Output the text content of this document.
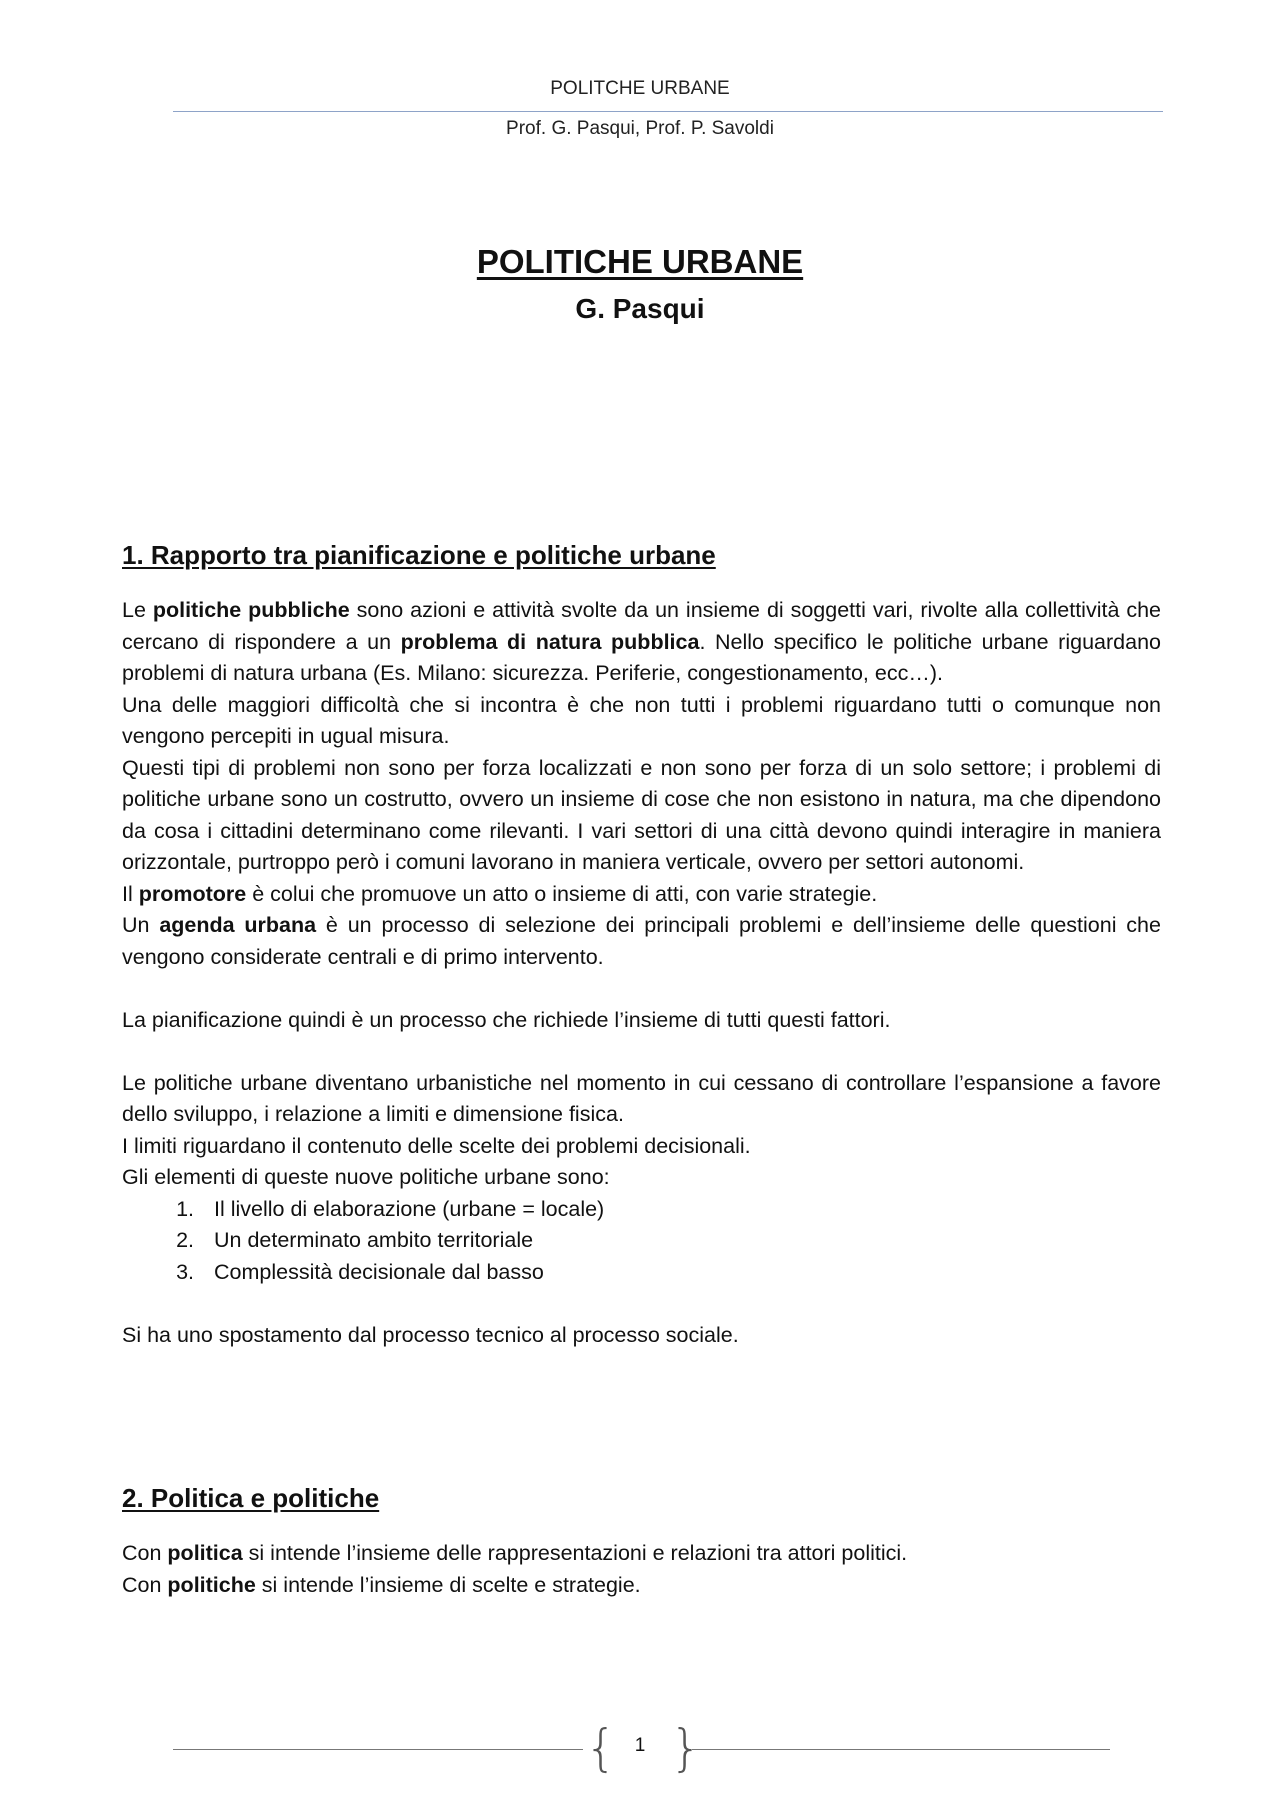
POLITCHE URBANE
Prof. G. Pasqui, Prof. P. Savoldi
POLITICHE URBANE
G. Pasqui
1. Rapporto tra pianificazione e politiche urbane

Le politiche pubbliche sono azioni e attività svolte da un insieme di soggetti vari, rivolte alla collettività che cercano di rispondere a un problema di natura pubblica. Nello specifico le politiche urbane riguardano problemi di natura urbana (Es. Milano: sicurezza. Periferie, congestionamento, ecc…).

Una delle maggiori difficoltà che si incontra è che non tutti i problemi riguardano tutti o comunque non vengono percepiti in ugual misura.

Questi tipi di problemi non sono per forza localizzati e non sono per forza di un solo settore; i problemi di politiche urbane sono un costrutto, ovvero un insieme di cose che non esistono in natura, ma che dipendono da cosa i cittadini determinano come rilevanti. I vari settori di una città devono quindi interagire in maniera orizzontale, purtroppo però i comuni lavorano in maniera verticale, ovvero per settori autonomi.

Il promotore è colui che promuove un atto o insieme di atti, con varie strategie.

Un agenda urbana è un processo di selezione dei principali problemi e dell’insieme delle questioni che vengono considerate centrali e di primo intervento.

La pianificazione quindi è un processo che richiede l’insieme di tutti questi fattori.

Le politiche urbane diventano urbanistiche nel momento in cui cessano di controllare l’espansione a favore dello sviluppo, i relazione a limiti e dimensione fisica.

I limiti riguardano il contenuto delle scelte dei problemi decisionali.

Gli elementi di queste nuove politiche urbane sono:

1. Il livello di elaborazione (urbane = locale)
2. Un determinato ambito territoriale
3. Complessità decisionale dal basso

Si ha uno spostamento dal processo tecnico al processo sociale.

2. Politica e politiche

Con politica si intende l’insieme delle rappresentazioni e relazioni tra attori politici.

Con politiche si intende l’insieme di scelte e strategie.

{ 1 }
